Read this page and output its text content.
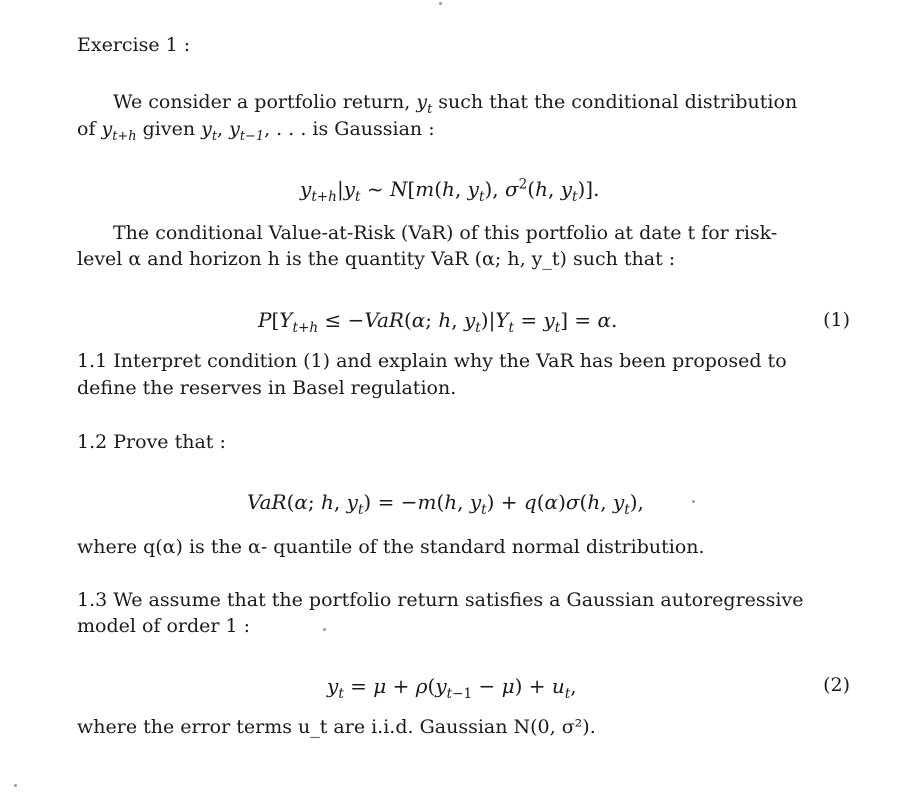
Exercise 1 :
We consider a portfolio return, $y_t$ such that the conditional distribution
of $y_{t+h}$ given $y_t$, $y_{t-1}$, . . . is Gaussian :
$y_{t+h}|y_t$ ~ N[m(h, $y_t$), $\sigma^2(h$, $y_t$)].
The conditional Value-at-Risk (VaR) of this portfolio at date t for risk-
level α and horizon h is the quantity VaR (α; h, y_t) such that :
$P[Y_{t+h} \le -VaR(\alpha$; h, $y_t)|Y_t = y_t] = \alpha$.	(1)
1.1 Interpret condition (1) and explain why the VaR has been proposed to
define the reserves in Basel regulation.
1.2 Prove that :
VaR(α; h, $y_t) = -m(h$, $y_t) + q(\alpha)\sigma(h$, $y_t$),
where q(α) is the α- quantile of the standard normal distribution.
1.3 We assume that the portfolio return satisfies a Gaussian autoregressive
model of order 1 :
$y_t = \mu + \rho(y_{t-1} - \mu) + u_t$,	(2)
where the error terms u_t are i.i.d. Gaussian N(0, σ²).
